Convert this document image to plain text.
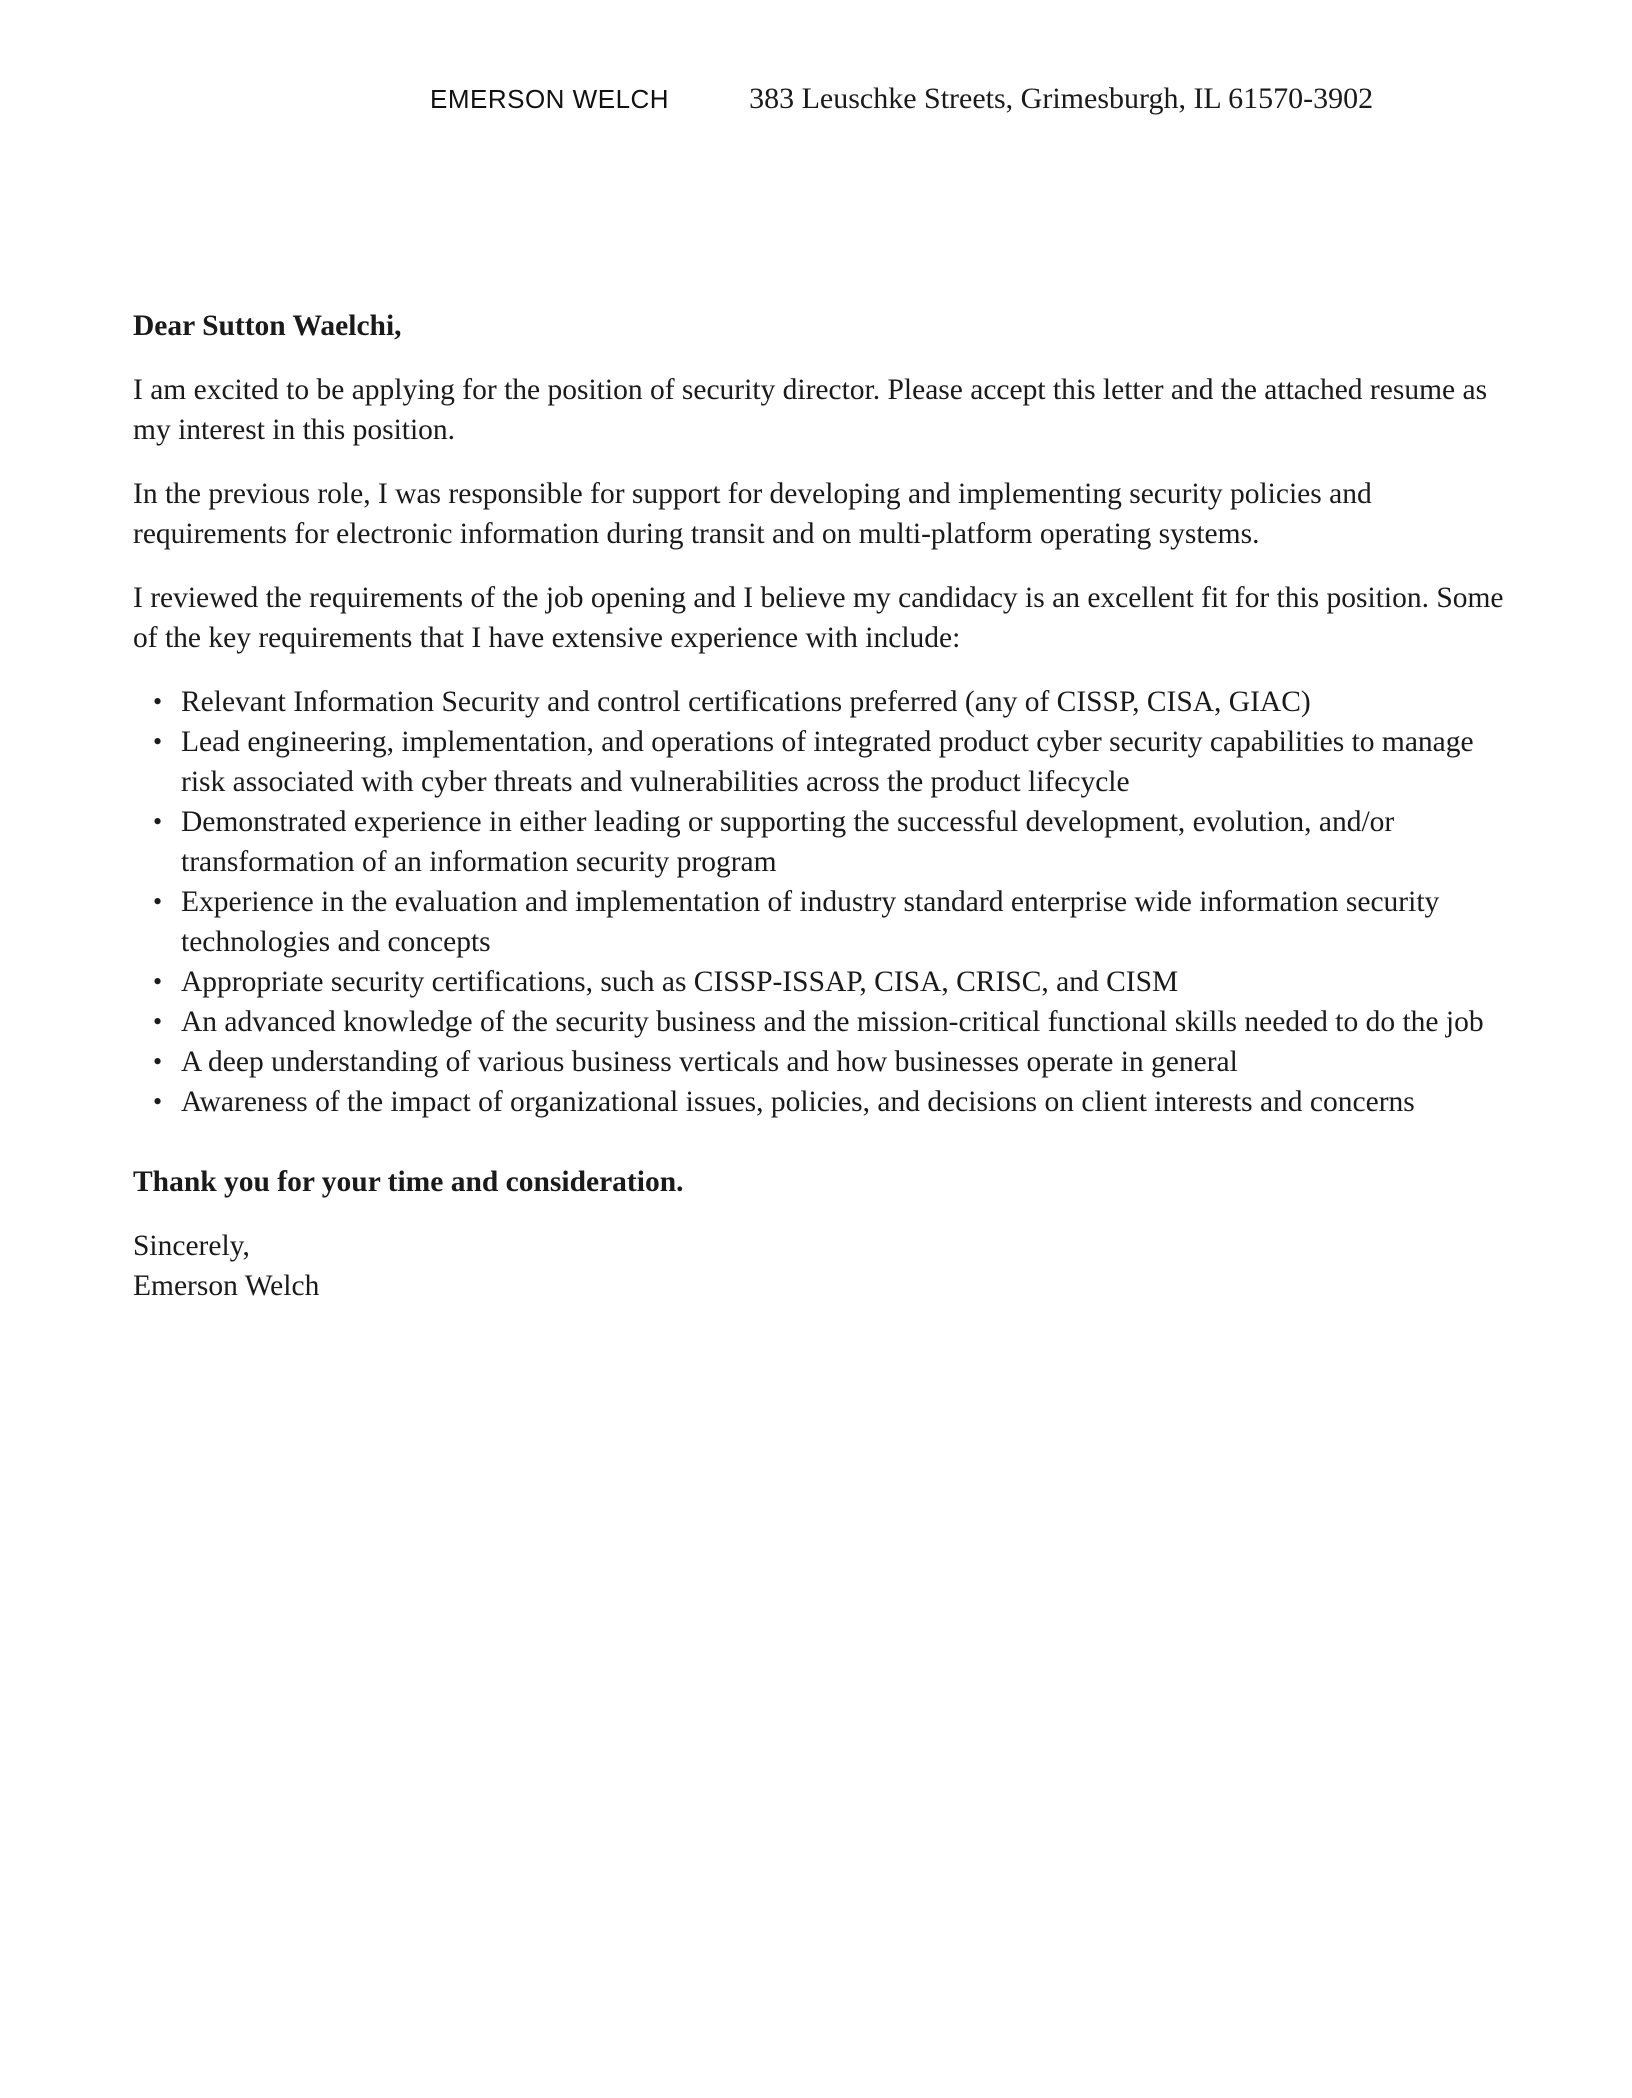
EMERSON WELCH	383 Leuschke Streets, Grimesburgh, IL 61570-3902

Dear Sutton Waelchi,

I am excited to be applying for the position of security director. Please accept this letter and the attached resume as my interest in this position.

In the previous role, I was responsible for support for developing and implementing security policies and requirements for electronic information during transit and on multi-platform operating systems.

I reviewed the requirements of the job opening and I believe my candidacy is an excellent fit for this position. Some of the key requirements that I have extensive experience with include:

• Relevant Information Security and control certifications preferred (any of CISSP, CISA, GIAC)
• Lead engineering, implementation, and operations of integrated product cyber security capabilities to manage risk associated with cyber threats and vulnerabilities across the product lifecycle
• Demonstrated experience in either leading or supporting the successful development, evolution, and/or transformation of an information security program
• Experience in the evaluation and implementation of industry standard enterprise wide information security technologies and concepts
• Appropriate security certifications, such as CISSP-ISSAP, CISA, CRISC, and CISM
• An advanced knowledge of the security business and the mission-critical functional skills needed to do the job
• A deep understanding of various business verticals and how businesses operate in general
• Awareness of the impact of organizational issues, policies, and decisions on client interests and concerns

Thank you for your time and consideration.

Sincerely,

Emerson Welch
